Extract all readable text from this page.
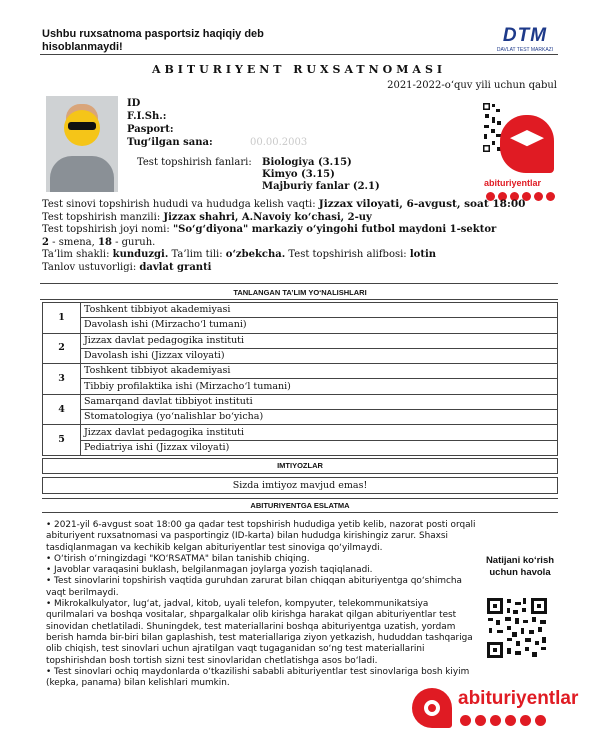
Ushbu ruxsatnoma pasportsiz haqiqiy deb hisoblanmaydi!
DTM
DAVLAT TEST MARKAZI
ABITURIYENT RUXSATNOMASI
2021-2022-o‘quv yili uchun qabul
ID
F.I.Sh.:
Pasport:
Tug‘ilgan sana:	00.00.2003
Test topshirish fanlari: Biologiya (3.15)
Kimyo (3.15)
Majburiy fanlar (2.1)	abituriyentlar
Test sinovi topshirish hududi va hududga kelish vaqti: Jizzax viloyati, 6-avgust, soat 18:00
Test topshirish manzili: Jizzax shahri, A.Navoiy ko‘chasi, 2-uy
Test topshirish joyi nomi: "So‘g‘diyona" markaziy o‘yingohi futbol maydoni 1-sektor
2 - smena, 18 - guruh.
Ta’lim shakli: kunduzgi. Ta’lim tili: o‘zbekcha. Test topshirish alifbosi: lotin
Tanlov ustuvorligi: davlat granti
TANLANGAN TA’LIM YO‘NALISHLARI
1	Toshkent tibbiyot akademiyasi
	Davolash ishi (Mirzacho‘l tumani)
2	Jizzax davlat pedagogika instituti
	Davolash ishi (Jizzax viloyati)
3	Toshkent tibbiyot akademiyasi
	Tibbiy profilaktika ishi (Mirzacho‘l tumani)
4	Samarqand davlat tibbiyot instituti
	Stomatologiya (yo‘nalishlar bo‘yicha)
5	Jizzax davlat pedagogika instituti
	Pediatriya ishi (Jizzax viloyati)
IMTIYOZLAR
Sizda imtiyoz mavjud emas!
ABITURIYENTGA ESLATMA
• 2021-yil 6-avgust soat 18:00 ga qadar test topshirish hududiga yetib kelib, nazorat posti orqali abituriyent ruxsatnomasi va pasportingiz (ID-karta) bilan hududga kirishingiz zarur. Shaxsi tasdiqlanmagan va kechikib kelgan abituriyentlar test sinoviga qo‘yilmaydi.
• O‘tirish o‘rningizdagi "KO‘RSATMA" bilan tanishib chiqing.
• Javoblar varaqasini buklash, belgilanmagan joylarga yozish taqiqlanadi.
• Test sinovlarini topshirish vaqtida guruhdan zarurat bilan chiqqan abituriyentga qo‘shimcha vaqt berilmaydi.
• Mikrokalkulyator, lug‘at, jadval, kitob, uyali telefon, kompyuter, telekommunikatsiya qurilmalari va boshqa vositalar, shpargalkalar olib kirishga harakat qilgan abituriyentlar test sinovidan chetlatiladi. Shuningdek, test materiallarini boshqa abituriyentga uzatish, yordam berish hamda bir-biri bilan gaplashish, test materiallariga ziyon yetkazish, hududdan tashqariga olib chiqish, test sinovlari uchun ajratilgan vaqt tugaganidan so‘ng test materiallarini topshirishdan bosh tortish sizni test sinovlaridan chetlatishga asos bo‘ladi.
• Test sinovlari ochiq maydonlarda o‘tkazilishi sababli abituriyentlar test sinovlariga bosh kiyim (kepka, panama) bilan kelishlari mumkin.
Natijani ko‘rish uchun havola
abituriyentlar
